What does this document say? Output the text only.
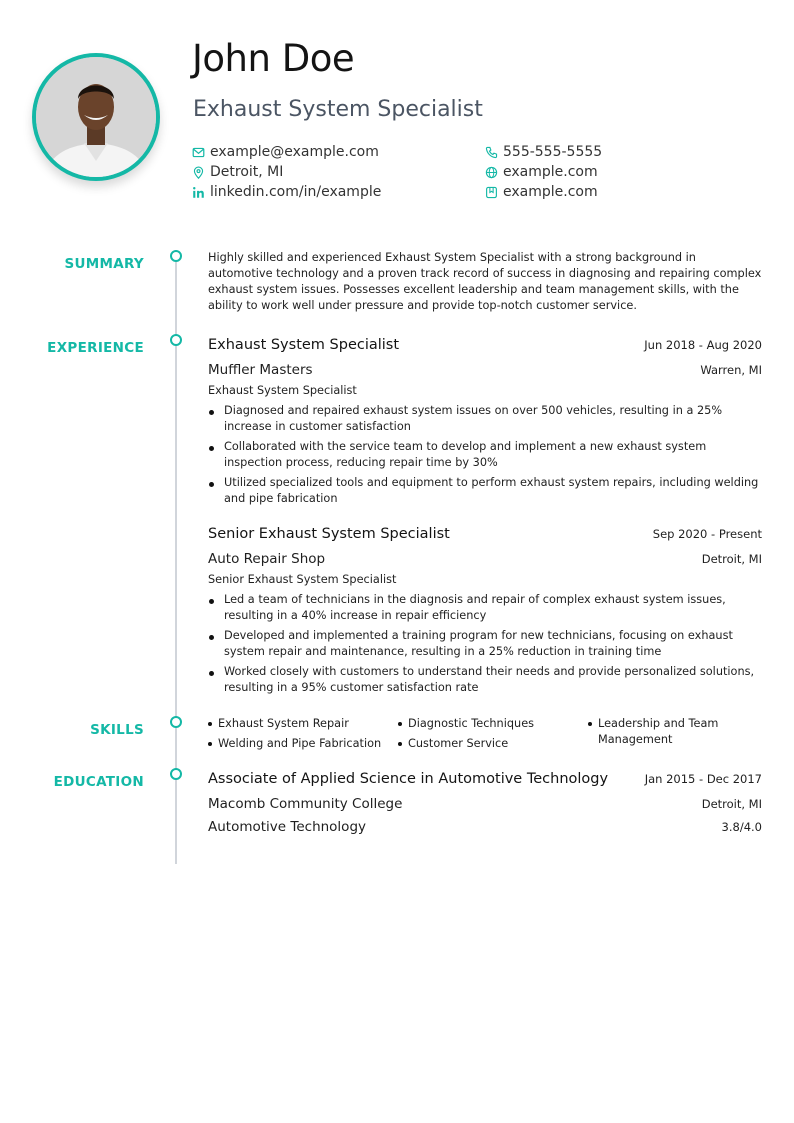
John Doe
Exhaust System Specialist
example@example.com	555-555-5555
Detroit, MI	example.com
linkedin.com/in/example	example.com
SUMMARY
EXPERIENCE
SKILLS
EDUCATION
Highly skilled and experienced Exhaust System Specialist with a strong background in automotive technology and a proven track record of success in diagnosing and repairing complex exhaust system issues. Possesses excellent leadership and team management skills, with the ability to work well under pressure and provide top-notch customer service.
Exhaust System Specialist	Jun 2018 - Aug 2020
Muffler Masters	Warren, MI
Exhaust System Specialist
Diagnosed and repaired exhaust system issues on over 500 vehicles, resulting in a 25% increase in customer satisfaction
Collaborated with the service team to develop and implement a new exhaust system inspection process, reducing repair time by 30%
Utilized specialized tools and equipment to perform exhaust system repairs, including welding and pipe fabrication
Senior Exhaust System Specialist	Sep 2020 - Present
Auto Repair Shop	Detroit, MI
Senior Exhaust System Specialist
Led a team of technicians in the diagnosis and repair of complex exhaust system issues, resulting in a 40% increase in repair efficiency
Developed and implemented a training program for new technicians, focusing on exhaust system repair and maintenance, resulting in a 25% reduction in training time
Worked closely with customers to understand their needs and provide personalized solutions, resulting in a 95% customer satisfaction rate
Exhaust System Repair	Diagnostic Techniques	Leadership and Team Management
Welding and Pipe Fabrication	Customer Service
Associate of Applied Science in Automotive Technology	Jan 2015 - Dec 2017
Macomb Community College	Detroit, MI
Automotive Technology	3.8/4.0
